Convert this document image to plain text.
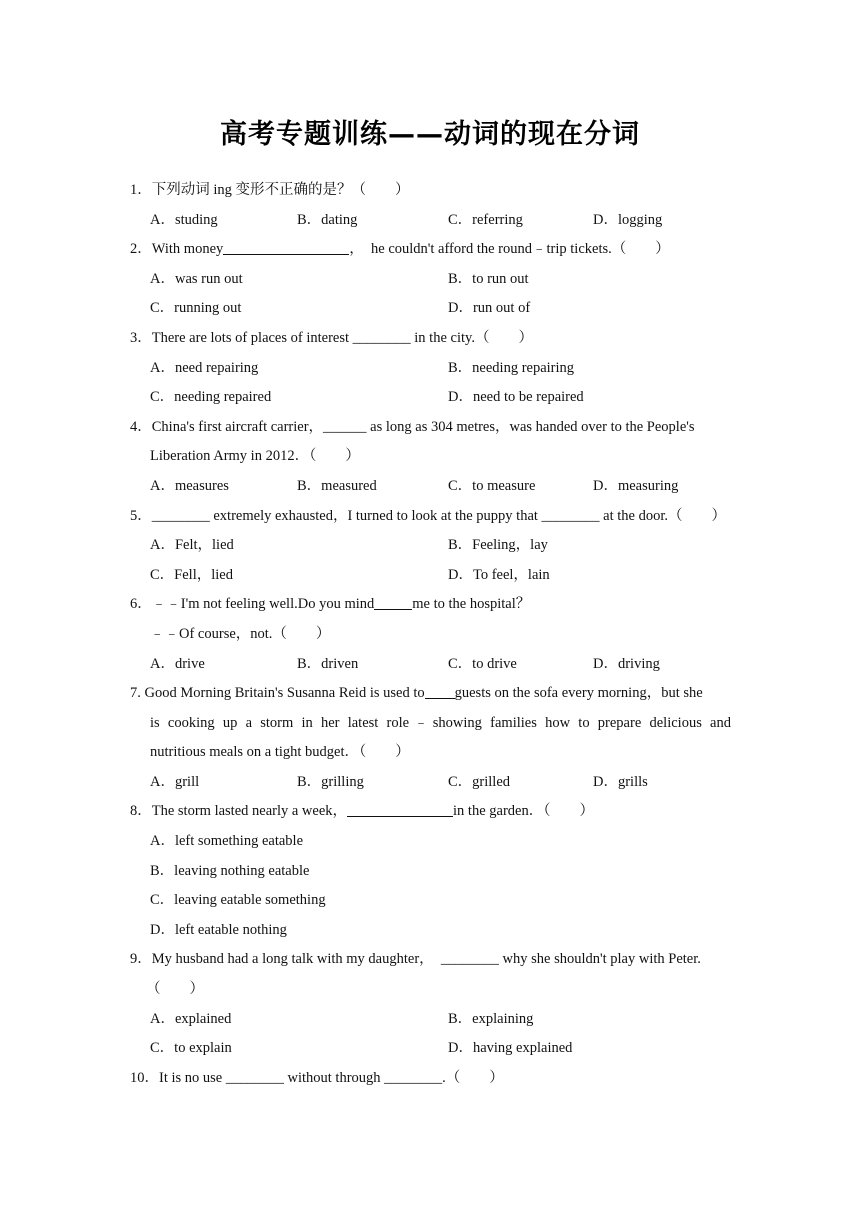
高考专题训练——动词的现在分词
1．下列动词 ing 变形不正确的是？（　　）
A．studing	B．dating	C．referring	D．logging
2．With money	，　he couldn't afford the round﹣trip tickets.（　　）
A．was run out	B．to run out
C．running out	D．run out of
3．There are lots of places of interest ________ in the city.（　　）
A．need repairing	B．needing repairing
C．needing repaired	D．need to be repaired
4．China's first aircraft carrier，______ as long as 304 metres，was handed over to the People's
Liberation Army in 2012．（　　）
A．measures	B．measured	C．to measure	D．measuring
5．________ extremely exhausted，I turned to look at the puppy that ________ at the door.（　　）
A．Felt，lied	B．Feeling，lay
C．Fell，lied	D．To feel，lain
6．﹣﹣I'm not feeling well.Do you mind	me to the hospital？
﹣﹣Of course，not.（　　）
A．drive	B．driven	C．to drive	D．driving
7. Good Morning Britain's Susanna Reid is used to guests on the sofa every morning，but she
is cooking up a storm in her latest role﹣showing families how to prepare delicious and
nutritious meals on a tight budget．（　　）
A．grill	B．grilling	C．grilled	D．grills
8．The storm lasted nearly a week，	in the garden．（　　）
A．left something eatable
B．leaving nothing eatable
C．leaving eatable something
D．left eatable nothing
9．My husband had a long talk with my daughter，　________ why she shouldn't play with Peter.
（　　）
A．explained	B．explaining
C．to explain	D．having explained
10．It is no use ________ without through ________.（　　）
